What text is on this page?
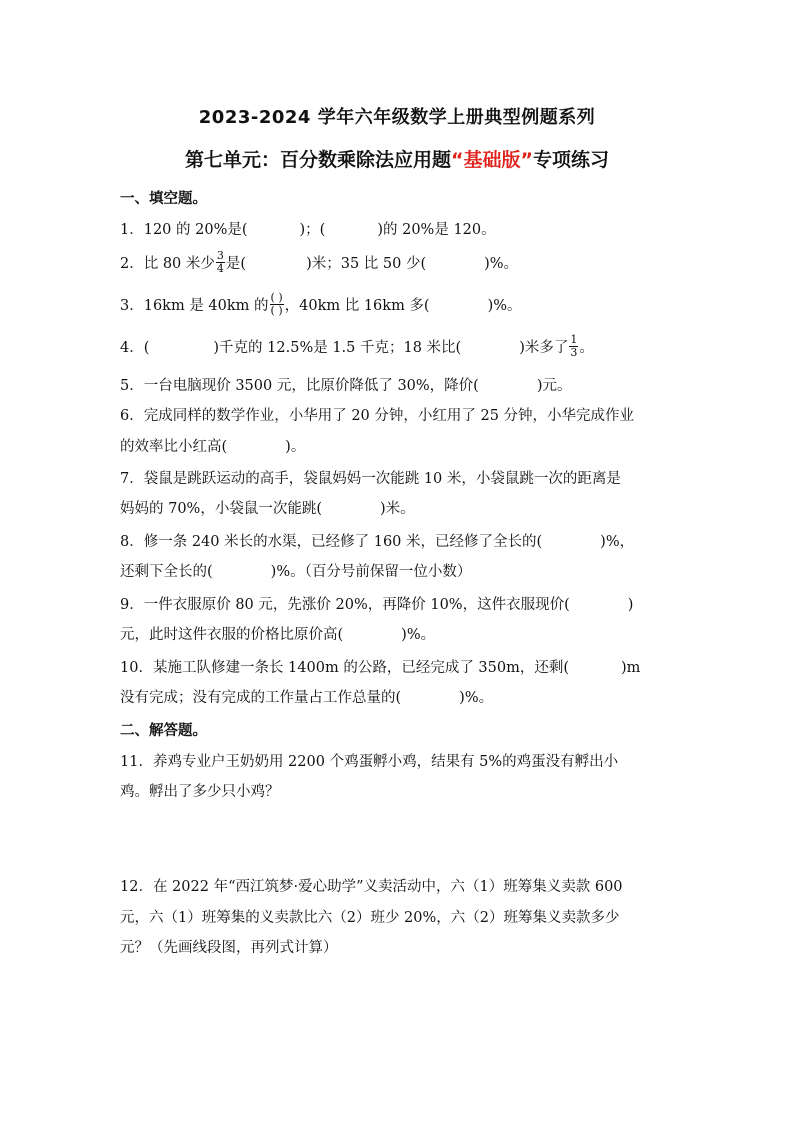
2023-2024 学年六年级数学上册典型例题系列
第七单元：百分数乘除法应用题“基础版”专项练习
一、填空题。
1．120 的 20%是(	)；(	)的 20%是 120。
2．比 80 米少 $\frac{3}{4}$ 是(	)米；35 比 50 少(	)%。
3．16km 是 40km 的 $\frac{( )}{( )}$ ，40km 比 16km 多(	)%。
4．(	)千克的 12.5%是 1.5 千克；18 米比(	)米多了 $\frac{1}{3}$ 。
5．一台电脑现价 3500 元，比原价降低了 30%，降价(	)元。
6．完成同样的数学作业，小华用了 20 分钟，小红用了 25 分钟，小华完成作业
的效率比小红高(	)。
7．袋鼠是跳跃运动的高手，袋鼠妈妈一次能跳 10 米，小袋鼠跳一次的距离是
妈妈的 70%，小袋鼠一次能跳(	)米。
8．修一条 240 米长的水渠，已经修了 160 米，已经修了全长的(	)%，
还剩下全长的(	)%。（百分号前保留一位小数）
9．一件衣服原价 80 元，先涨价 20%，再降价 10%，这件衣服现价(	)
元，此时这件衣服的价格比原价高(	)%。
10．某施工队修建一条长 1400m 的公路，已经完成了 350m，还剩(	)m
没有完成；没有完成的工作量占工作总量的(	)%。
二、解答题。
11．养鸡专业户王奶奶用 2200 个鸡蛋孵小鸡，结果有 5%的鸡蛋没有孵出小
鸡。孵出了多少只小鸡？
12．在 2022 年“西江筑梦·爱心助学”义卖活动中，六（1）班筹集义卖款 600
元，六（1）班筹集的义卖款比六（2）班少 20%，六（2）班筹集义卖款多少
元？（先画线段图，再列式计算）
